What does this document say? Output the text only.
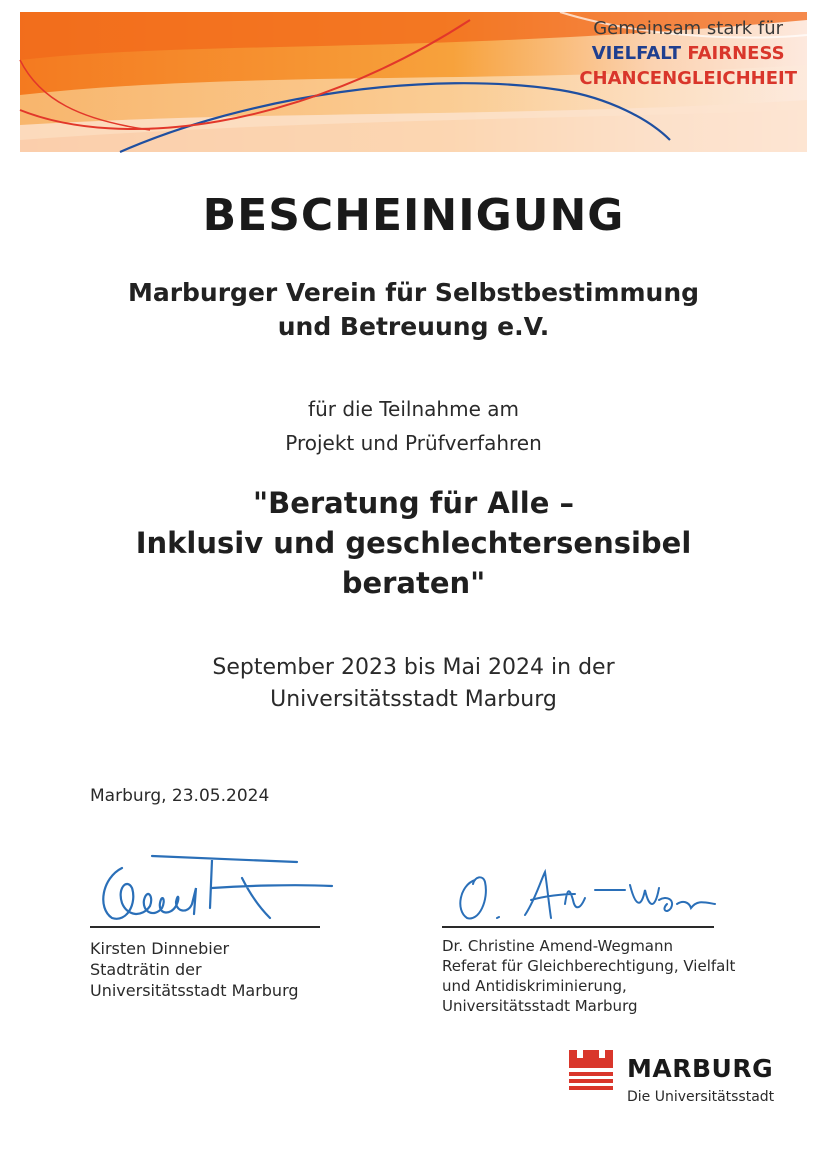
Gemeinsam stark für
VIELFALT FAIRNESS
CHANCENGLEICHHEIT
BESCHEINIGUNG
Marburger Verein für Selbstbestimmung
und Betreuung e.V.
für die Teilnahme am
Projekt und Prüfverfahren
"Beratung für Alle –
Inklusiv und geschlechtersensibel
beraten"
September 2023 bis Mai 2024 in der
Universitätsstadt Marburg
Marburg, 23.05.2024
Kirsten Dinnebier
Stadträtin der
Universitätsstadt Marburg
Dr. Christine Amend-Wegmann
Referat für Gleichberechtigung, Vielfalt
und Antidiskriminierung,
Universitätsstadt Marburg
MARBURG
Die Universitätsstadt
